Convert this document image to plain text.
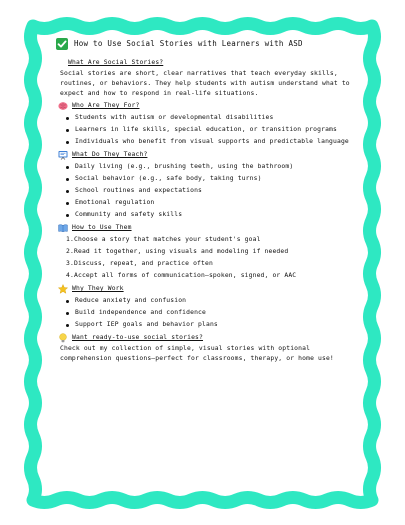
How to Use Social Stories with Learners with ASD
What Are Social Stories?

Social stories are short, clear narratives that teach everyday skills, routines, or behaviors. They help students with autism understand what to expect and how to respond in real-life situations.

Who Are They For?
Students with autism or developmental disabilities
Learners in life skills, special education, or transition programs
Individuals who benefit from visual supports and predictable language
What Do They Teach?
Daily living (e.g., brushing teeth, using the bathroom)
Social behavior (e.g., safe body, taking turns)
School routines and expectations
Emotional regulation
Community and safety skills
How to Use Them
1. Choose a story that matches your student's goal
2. Read it together, using visuals and modeling if needed
3. Discuss, repeat, and practice often
4. Accept all forms of communication—spoken, signed, or AAC
Why They Work
Reduce anxiety and confusion
Build independence and confidence
Support IEP goals and behavior plans
Want ready-to-use social stories?

Check out my collection of simple, visual stories with optional comprehension questions—perfect for classrooms, therapy, or home use!
